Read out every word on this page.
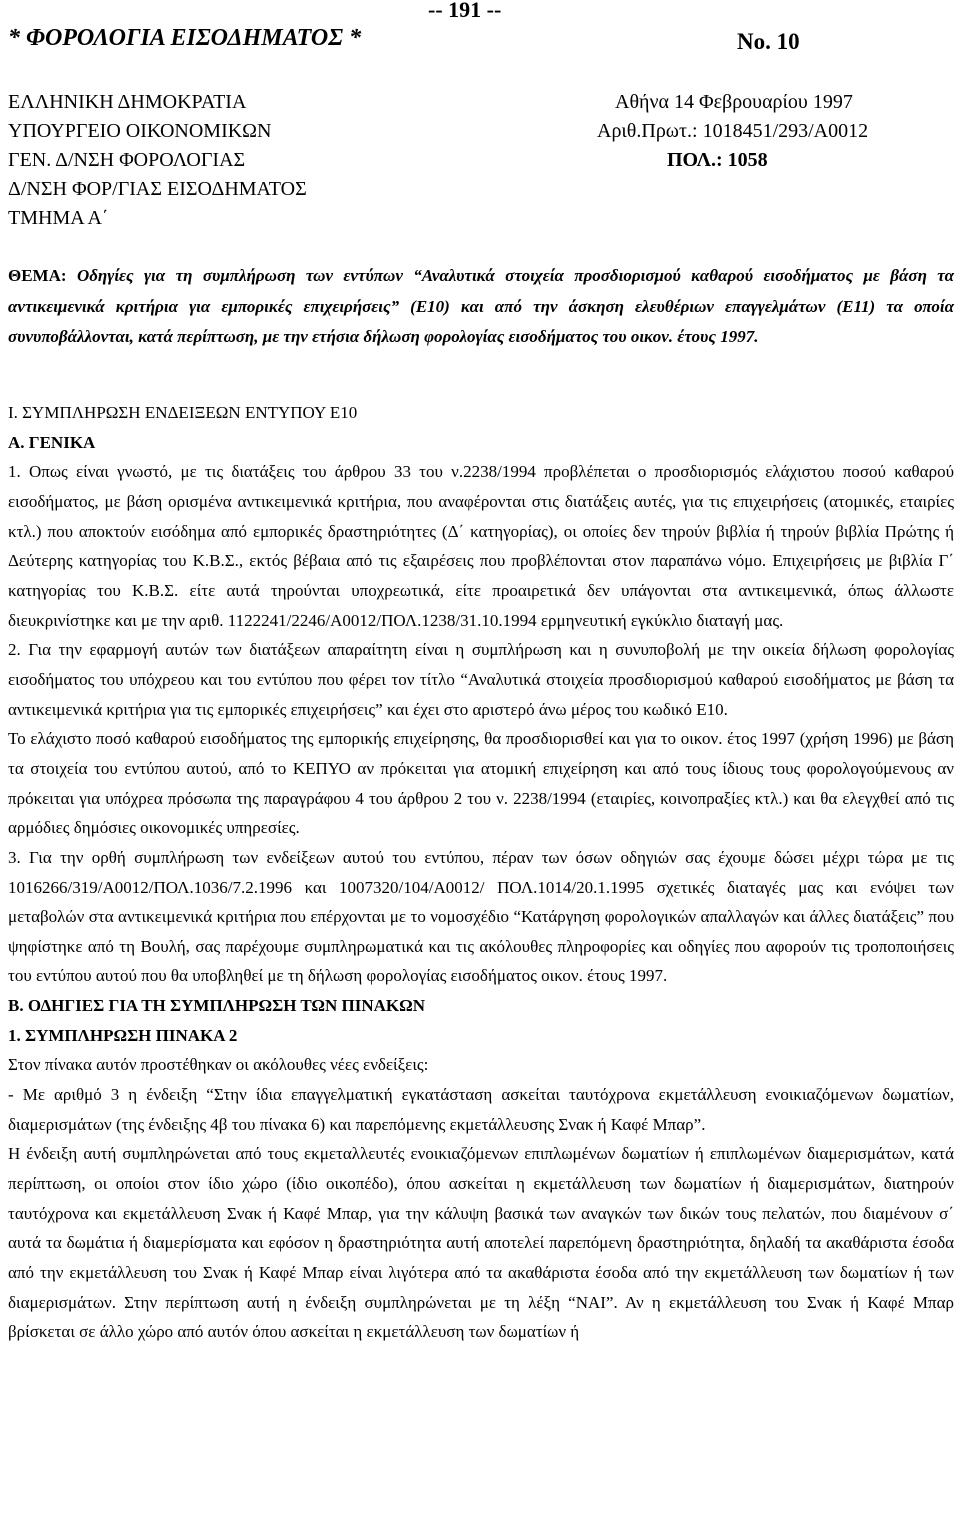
-- 191 --
* ΦΟΡΟΛΟΓΙΑ ΕΙΣΟΔΗΜΑΤΟΣ *	Νο. 10
ΕΛΛΗΝΙΚΗ ΔΗΜΟΚΡΑΤΙΑ
ΥΠΟΥΡΓΕΙΟ ΟΙΚΟΝΟΜΙΚΩΝ
ΓΕΝ. Δ/ΝΣΗ ΦΟΡΟΛΟΓΙΑΣ
Δ/ΝΣΗ ΦΟΡ/ΓΙΑΣ ΕΙΣΟΔΗΜΑΤΟΣ
ΤΜΗΜΑ Α΄
Αθήνα 14 Φεβρουαρίου 1997
Αριθ.Πρωτ.: 1018451/293/Α0012
ΠΟΛ.: 1058
ΘΕΜΑ: Οδηγίες για τη συμπλήρωση των εντύπων “Αναλυτικά στοιχεία προσδιορισμού καθαρού εισοδήματος με βάση τα αντικειμενικά κριτήρια για εμπορικές επιχειρήσεις” (Ε10) και από την άσκηση ελευθέριων επαγγελμάτων (Ε11) τα οποία συνυποβάλλονται, κατά περίπτωση, με την ετήσια δήλωση φορολογίας εισοδήματος του οικον. έτους 1997.

Ι. ΣΥΜΠΛΗΡΩΣΗ ΕΝΔΕΙΞΕΩΝ ΕΝΤΥΠΟΥ Ε10

Α. ΓΕΝΙΚΑ

1. Οπως είναι γνωστό, με τις διατάξεις του άρθρου 33 του ν.2238/1994 προβλέπεται ο προσδιορισμός ελάχιστου ποσού καθαρού εισοδήματος, με βάση ορισμένα αντικειμενικά κριτήρια, που αναφέρονται στις διατάξεις αυτές, για τις επιχειρήσεις (ατομικές, εταιρίες κτλ.) που αποκτούν εισόδημα από εμπορικές δραστηριότητες (Δ΄ κατηγορίας), οι οποίες δεν τηρούν βιβλία ή τηρούν βιβλία Πρώτης ή Δεύτερης κατηγορίας του Κ.Β.Σ., εκτός βέβαια από τις εξαιρέσεις που προβλέπονται στον παραπάνω νόμο. Επιχειρήσεις με βιβλία Γ΄ κατηγορίας του Κ.Β.Σ. είτε αυτά τηρούνται υποχρεωτικά, είτε προαιρετικά δεν υπάγονται στα αντικειμενικά, όπως άλλωστε διευκρινίστηκε και με την αριθ. 1122241/2246/Α0012/ΠΟΛ.1238/31.10.1994 ερμηνευτική εγκύκλιο διαταγή μας.

2. Για την εφαρμογή αυτών των διατάξεων απαραίτητη είναι η συμπλήρωση και η συνυποβολή με την οικεία δήλωση φορολογίας εισοδήματος του υπόχρεου και του εντύπου που φέρει τον τίτλο “Αναλυτικά στοιχεία προσδιορισμού καθαρού εισοδήματος με βάση τα αντικειμενικά κριτήρια για τις εμπορικές επιχειρήσεις” και έχει στο αριστερό άνω μέρος του κωδικό Ε10.

Το ελάχιστο ποσό καθαρού εισοδήματος της εμπορικής επιχείρησης, θα προσδιορισθεί και για το οικον. έτος 1997 (χρήση 1996) με βάση τα στοιχεία του εντύπου αυτού, από το ΚΕΠΥΟ αν πρόκειται για ατομική επιχείρηση και από τους ίδιους τους φορολογούμενους αν πρόκειται για υπόχρεα πρόσωπα της παραγράφου 4 του άρθρου 2 του ν. 2238/1994 (εταιρίες, κοινοπραξίες κτλ.) και θα ελεγχθεί από τις αρμόδιες δημόσιες οικονομικές υπηρεσίες.

3. Για την ορθή συμπλήρωση των ενδείξεων αυτού του εντύπου, πέραν των όσων οδηγιών σας έχουμε δώσει μέχρι τώρα με τις 1016266/319/Α0012/ΠΟΛ.1036/7.2.1996 και 1007320/104/Α0012/ ΠΟΛ.1014/20.1.1995 σχετικές διαταγές μας και ενόψει των μεταβολών στα αντικειμενικά κριτήρια που επέρχονται με το νομοσχέδιο “Κατάργηση φορολογικών απαλλαγών και άλλες διατάξεις” που ψηφίστηκε από τη Βουλή, σας παρέχουμε συμπληρωματικά και τις ακόλουθες πληροφορίες και οδηγίες που αφορούν τις τροποποιήσεις του εντύπου αυτού που θα υποβληθεί με τη δήλωση φορολογίας εισοδήματος οικον. έτους 1997.

Β. ΟΔΗΓΙΕΣ ΓΙΑ ΤΗ ΣΥΜΠΛΗΡΩΣΗ ΤΩΝ ΠΙΝΑΚΩΝ

1. ΣΥΜΠΛΗΡΩΣΗ ΠΙΝΑΚΑ 2

Στον πίνακα αυτόν προστέθηκαν οι ακόλουθες νέες ενδείξεις:

- Με αριθμό 3 η ένδειξη “Στην ίδια επαγγελματική εγκατάσταση ασκείται ταυτόχρονα εκμετάλλευση ενοικιαζόμενων δωματίων, διαμερισμάτων (της ένδειξης 4β του πίνακα 6) και παρεπόμενης εκμετάλλευσης Σνακ ή Καφέ Μπαρ”.

Η ένδειξη αυτή συμπληρώνεται από τους εκμεταλλευτές ενοικιαζόμενων επιπλωμένων δωματίων ή επιπλωμένων διαμερισμάτων, κατά περίπτωση, οι οποίοι στον ίδιο χώρο (ίδιο οικοπέδο), όπου ασκείται η εκμετάλλευση των δωματίων ή διαμερισμάτων, διατηρούν ταυτόχρονα και εκμετάλλευση Σνακ ή Καφέ Μπαρ, για την κάλυψη βασικά των αναγκών των δικών τους πελατών, που διαμένουν σ΄ αυτά τα δωμάτια ή διαμερίσματα και εφόσον η δραστηριότητα αυτή αποτελεί παρεπόμενη δραστηριότητα, δηλαδή τα ακαθάριστα έσοδα από την εκμετάλλευση του Σνακ ή Καφέ Μπαρ είναι λιγότερα από τα ακαθάριστα έσοδα από την εκμετάλλευση των δωματίων ή των διαμερισμάτων. Στην περίπτωση αυτή η ένδειξη συμπληρώνεται με τη λέξη “ΝΑΙ”. Αν η εκμετάλλευση του Σνακ ή Καφέ Μπαρ βρίσκεται σε άλλο χώρο από αυτόν όπου ασκείται η εκμετάλλευση των δωματίων ή
